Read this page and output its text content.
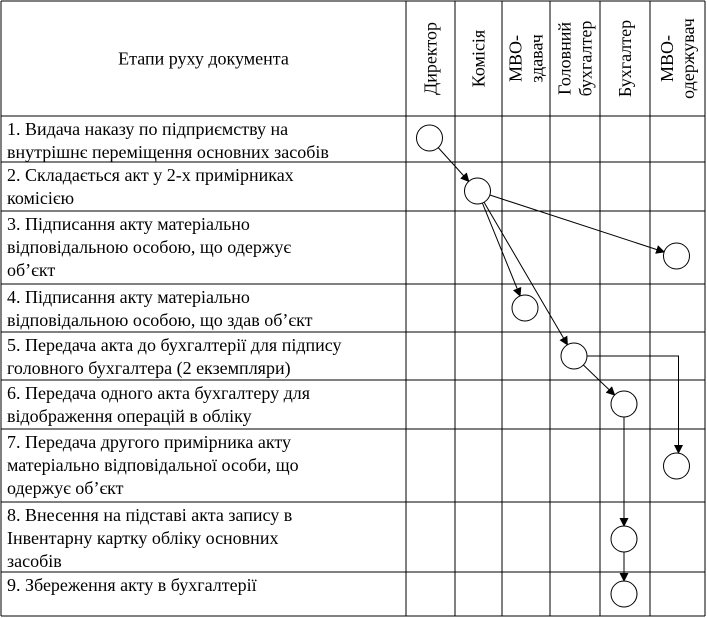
Етапи руху документа	Директор Комісія МВО- здавач Головний бухгалтер Бухгалтер МВО- одержувач
1. Видача наказу по підприємству на
внутрішнє переміщення основних засобів
2. Складається акт у 2-х примірниках
комісією
3. Підписання акту матеріально
відповідальною особою, що одержує
об’єкт
4. Підписання акту матеріально
відповідальною особою, що здав об’єкт
5. Передача акта до бухгалтерії для підпису
головного бухгалтера (2 екземпляри)
6. Передача одного акта бухгалтеру для
відображення операцій в обліку
7. Передача другого примірника акту
матеріально відповідальної особи, що
одержує об’єкт
8. Внесення на підставі акта запису в
Інвентарну картку обліку основних
засобів
9. Збереження акту в бухгалтерії
